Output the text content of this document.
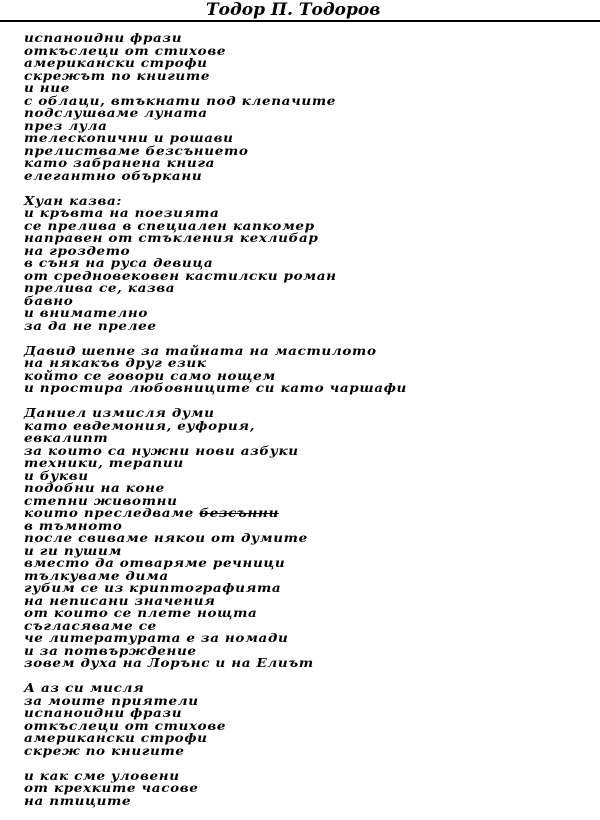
Тодор П. Тодоров
испаноидни фрази
откъслеци от стихове
американски строфи
скрежът по книгите
и ние
с облаци, втъкнати под клепачите
подслушваме луната
през лула
телескопични и рошави
прелистваме безсънието
като забранена книга
елегантно объркани
Хуан казва:
и кръвта на поезията
се прелива в специален капкомер
направен от стъкления кехлибар
на гроздето
в съня на руса девица
от средновековен кастилски роман
прелива се, казва
бавно
и внимателно
за да не прелее
Давид шепне за тайната на мастилото
на някакъв друг език
който се говори само нощем
и простира любовниците си като чаршафи
Даниел измисля думи
като евдемония, еуфория,
евкалипт
за които са нужни нови азбуки
техники, терапии
и букви
подобни на коне
степни животни
които преследваме безсънни
в тъмното
после свиваме някои от думите
и ги пушим
вместо да отваряме речници
тълкуваме дима
губим се из криптографията
на неписани значения
от които се плете нощта
съгласяваме се
че литературата е за номади
и за потвърждение
зовем духа на Лорънс и на Елиът
А аз си мисля
за моите приятели
испаноидни фрази
откъслеци от стихове
американски строфи
скреж по книгите
и как сме уловени
от крехките часове
на птиците
